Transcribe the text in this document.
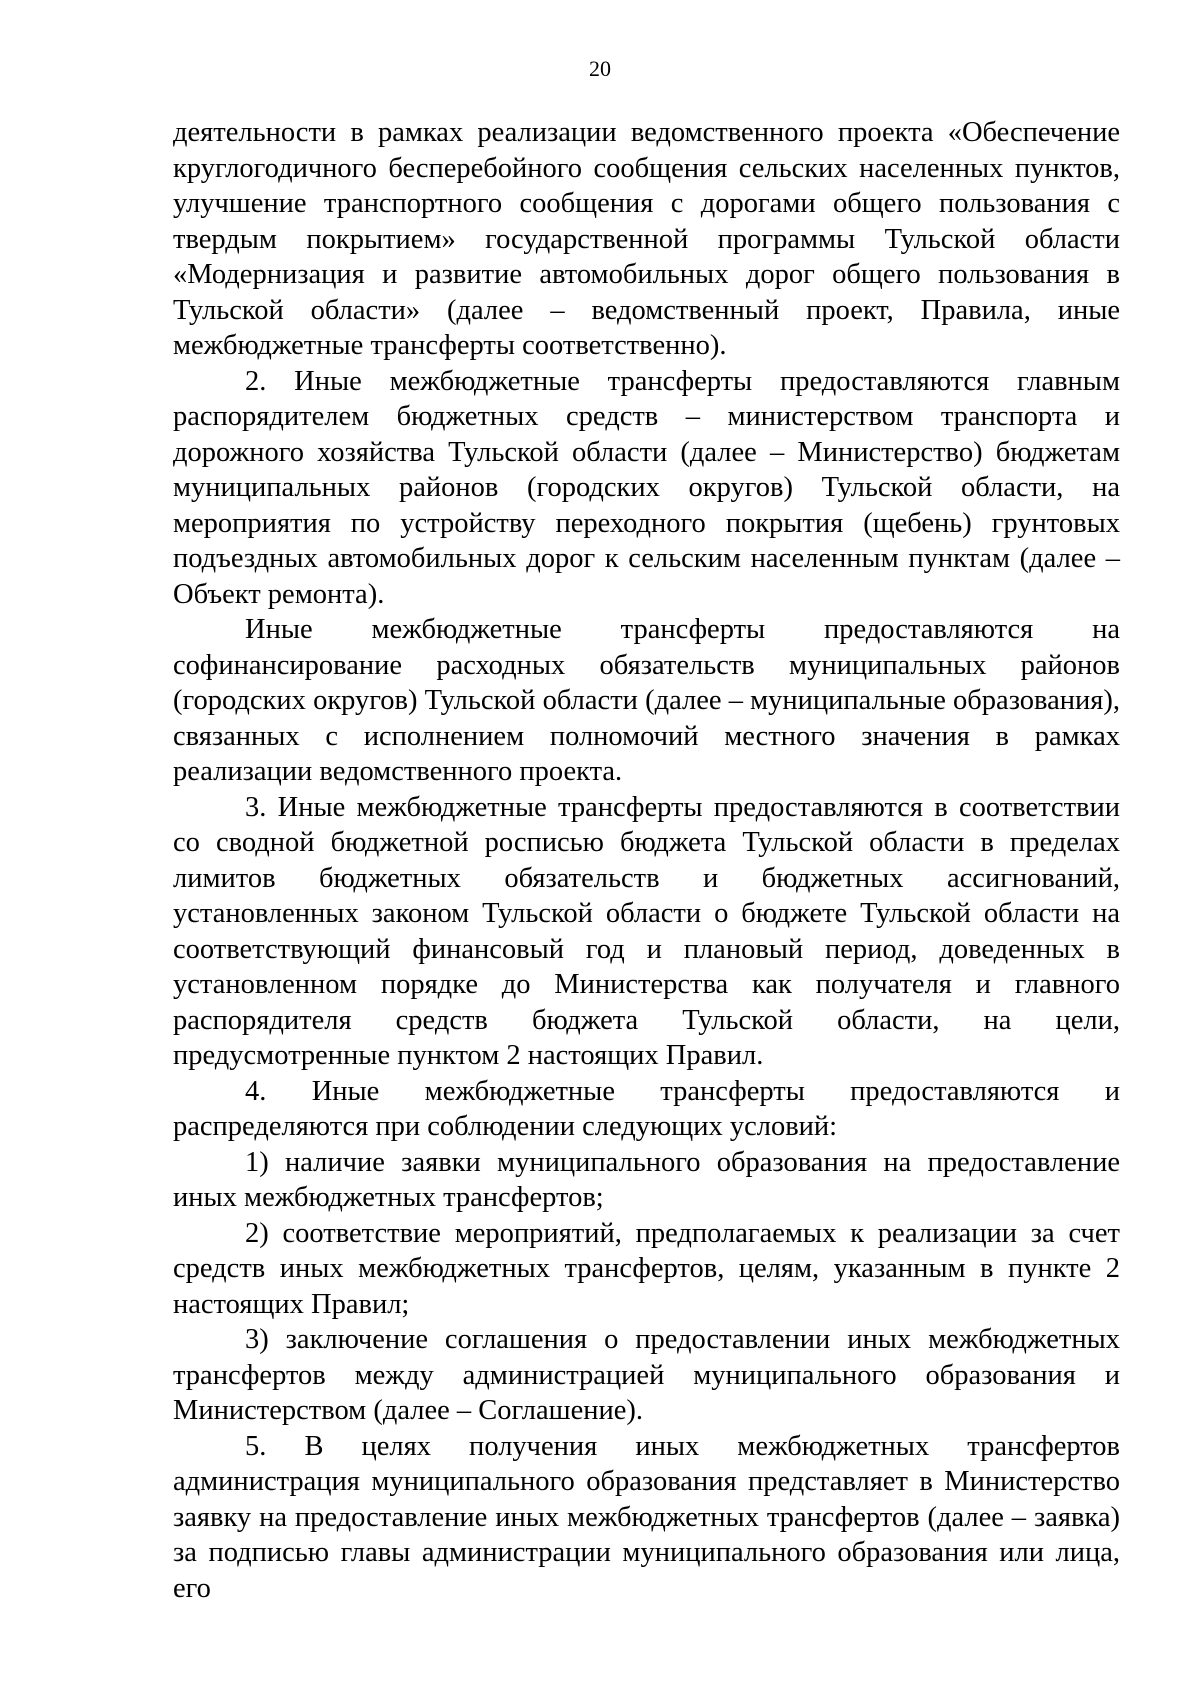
20

деятельности в рамках реализации ведомственного проекта «Обеспечение круглогодичного бесперебойного сообщения сельских населенных пунктов, улучшение транспортного сообщения с дорогами общего пользования с твердым покрытием» государственной программы Тульской области «Модернизация и развитие автомобильных дорог общего пользования в Тульской области» (далее – ведомственный проект, Правила, иные межбюджетные трансферты соответственно).

2. Иные межбюджетные трансферты предоставляются главным распорядителем бюджетных средств – министерством транспорта и дорожного хозяйства Тульской области (далее – Министерство) бюджетам муниципальных районов (городских округов) Тульской области, на мероприятия по устройству переходного покрытия (щебень) грунтовых подъездных автомобильных дорог к сельским населенным пунктам (далее – Объект ремонта).

Иные межбюджетные трансферты предоставляются на софинансирование расходных обязательств муниципальных районов (городских округов) Тульской области (далее – муниципальные образования), связанных с исполнением полномочий местного значения в рамках реализации ведомственного проекта.

3. Иные межбюджетные трансферты предоставляются в соответствии со сводной бюджетной росписью бюджета Тульской области в пределах лимитов бюджетных обязательств и бюджетных ассигнований, установленных законом Тульской области о бюджете Тульской области на соответствующий финансовый год и плановый период, доведенных в установленном порядке до Министерства как получателя и главного распорядителя средств бюджета Тульской области, на цели, предусмотренные пунктом 2 настоящих Правил.

4. Иные межбюджетные трансферты предоставляются и распределяются при соблюдении следующих условий:

1) наличие заявки муниципального образования на предоставление иных межбюджетных трансфертов;

2) соответствие мероприятий, предполагаемых к реализации за счет средств иных межбюджетных трансфертов, целям, указанным в пункте 2 настоящих Правил;

3) заключение соглашения о предоставлении иных межбюджетных трансфертов между администрацией муниципального образования и Министерством (далее – Соглашение).

5. В целях получения иных межбюджетных трансфертов администрация муниципального образования представляет в Министерство заявку на предоставление иных межбюджетных трансфертов (далее – заявка) за подписью главы администрации муниципального образования или лица, его
